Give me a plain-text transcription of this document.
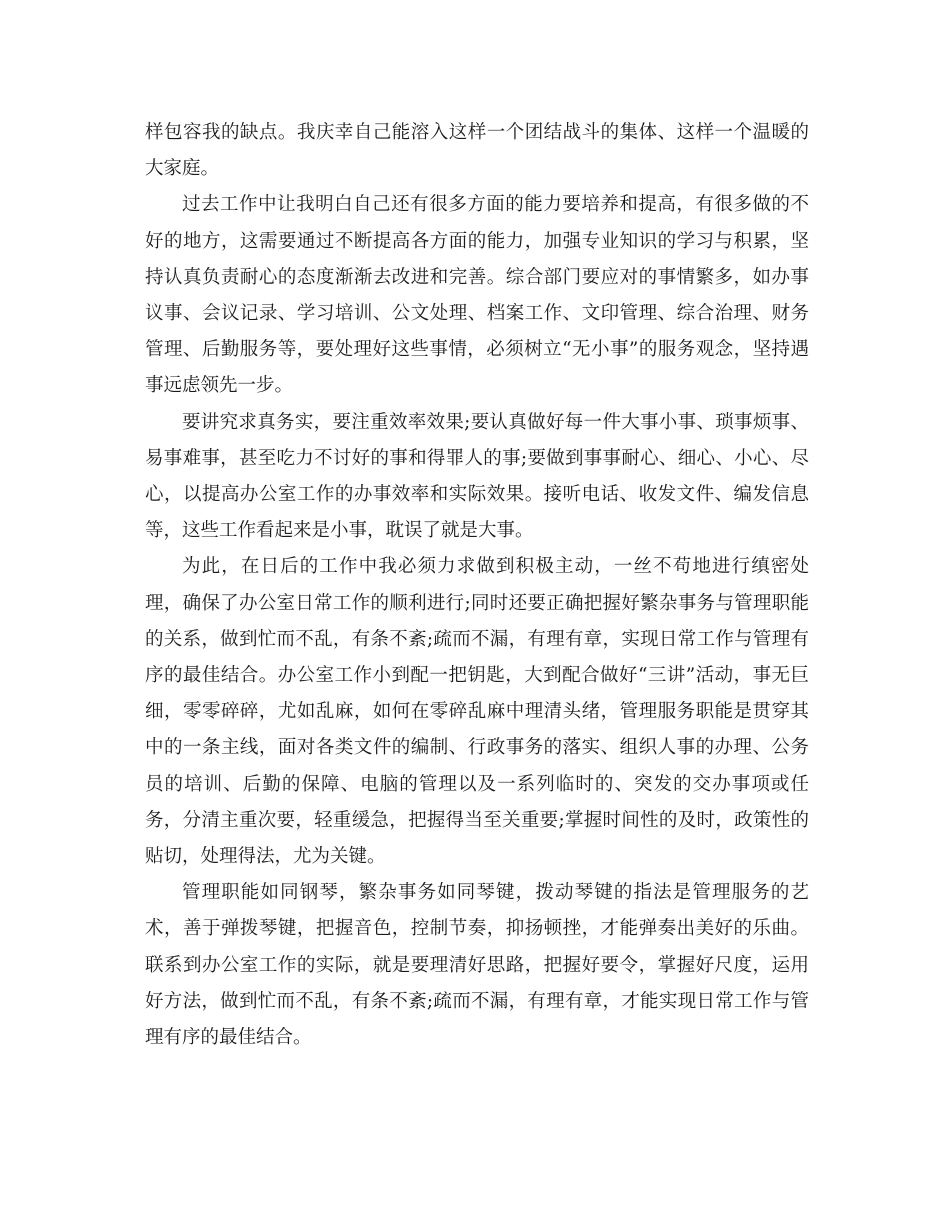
样包容我的缺点。我庆幸自己能溶入这样一个团结战斗的集体、这样一个温暖的大家庭。

过去工作中让我明白自己还有很多方面的能力要培养和提高，有很多做的不好的地方，这需要通过不断提高各方面的能力，加强专业知识的学习与积累，坚持认真负责耐心的态度渐渐去改进和完善。综合部门要应对的事情繁多，如办事议事、会议记录、学习培训、公文处理、档案工作、文印管理、综合治理、财务管理、后勤服务等，要处理好这些事情，必须树立“无小事”的服务观念，坚持遇事远虑领先一步。

要讲究求真务实，要注重效率效果;要认真做好每一件大事小事、琐事烦事、易事难事，甚至吃力不讨好的事和得罪人的事;要做到事事耐心、细心、小心、尽心，以提高办公室工作的办事效率和实际效果。接听电话、收发文件、编发信息等，这些工作看起来是小事，耽误了就是大事。

为此，在日后的工作中我必须力求做到积极主动，一丝不苟地进行缜密处理，确保了办公室日常工作的顺利进行;同时还要正确把握好繁杂事务与管理职能的关系，做到忙而不乱，有条不紊;疏而不漏，有理有章，实现日常工作与管理有序的最佳结合。办公室工作小到配一把钥匙，大到配合做好“三讲”活动，事无巨细，零零碎碎，尤如乱麻，如何在零碎乱麻中理清头绪，管理服务职能是贯穿其中的一条主线，面对各类文件的编制、行政事务的落实、组织人事的办理、公务员的培训、后勤的保障、电脑的管理以及一系列临时的、突发的交办事项或任务，分清主重次要，轻重缓急，把握得当至关重要;掌握时间性的及时，政策性的贴切，处理得法，尤为关键。

管理职能如同钢琴，繁杂事务如同琴键，拨动琴键的指法是管理服务的艺术，善于弹拨琴键，把握音色，控制节奏，抑扬顿挫，才能弹奏出美好的乐曲。联系到办公室工作的实际，就是要理清好思路，把握好要令，掌握好尺度，运用好方法，做到忙而不乱，有条不紊;疏而不漏，有理有章，才能实现日常工作与管理有序的最佳结合。
